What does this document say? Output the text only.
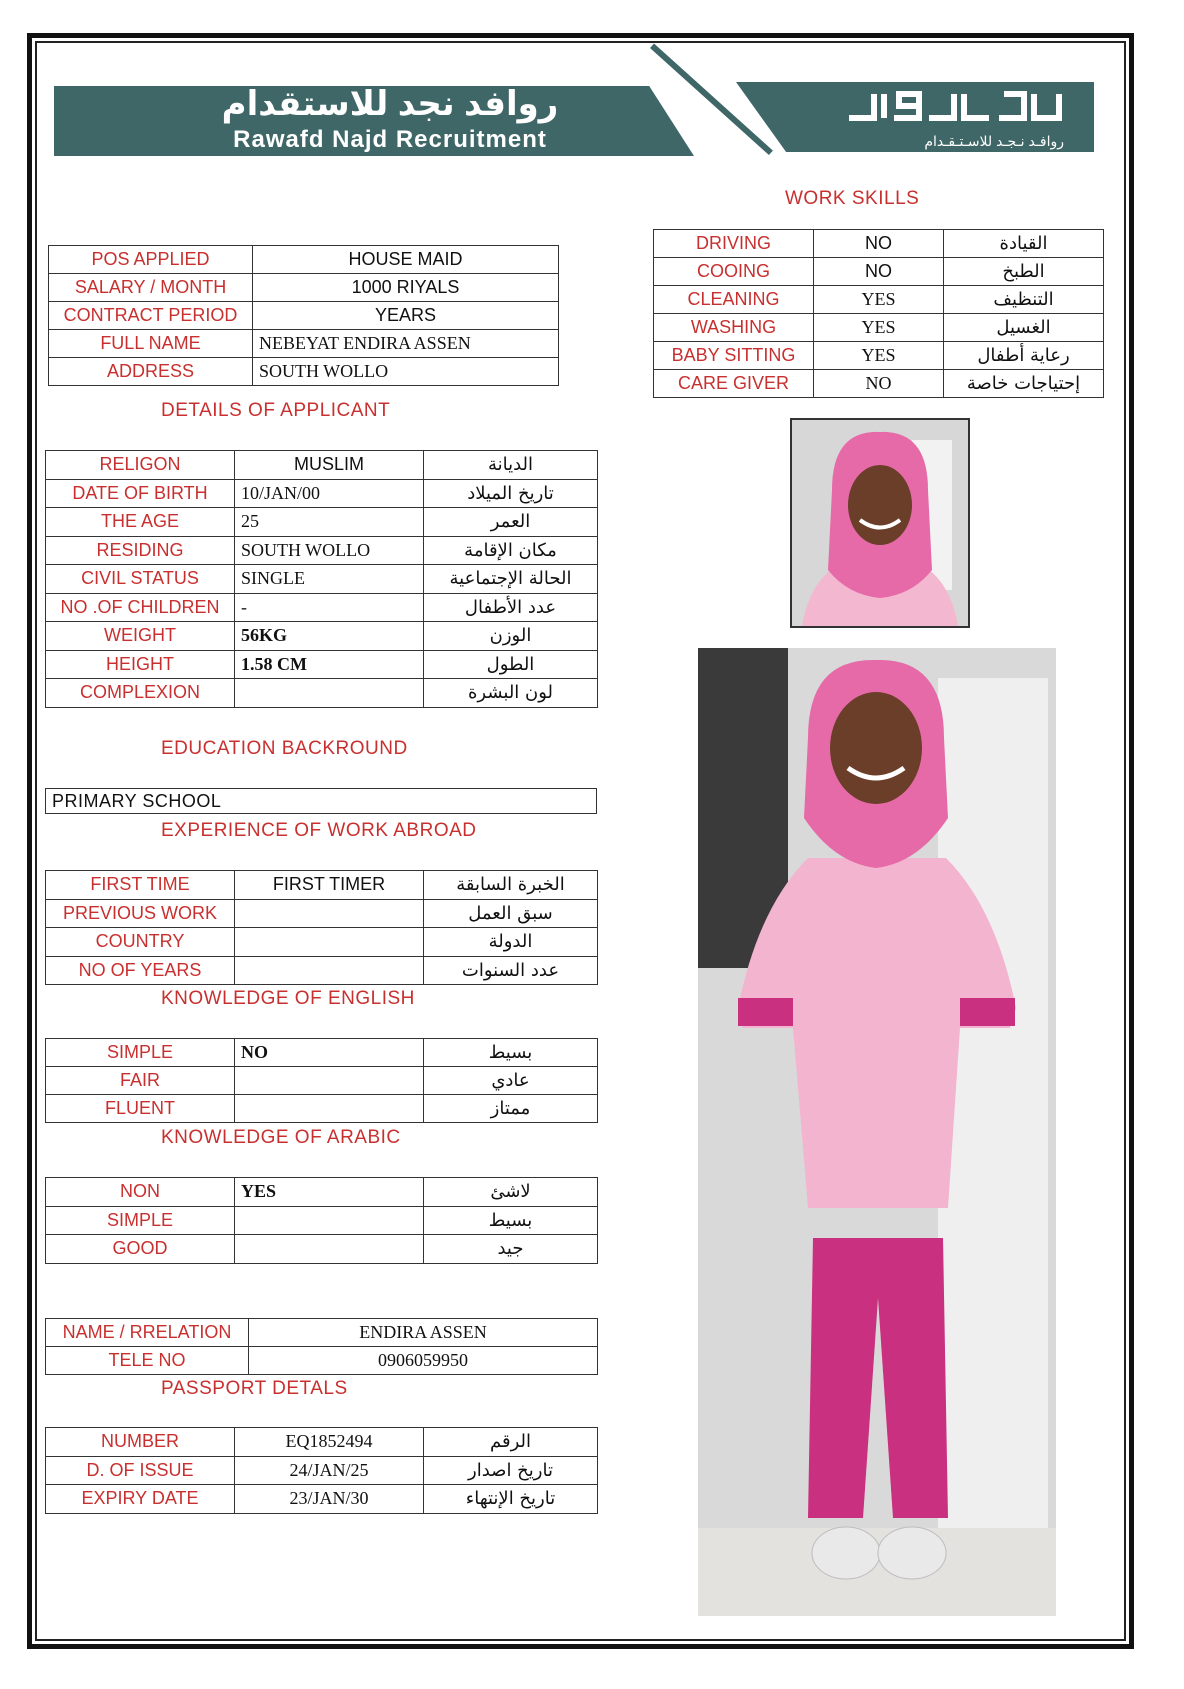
روافد نجد للاستقدام
Rawafd Najd Recruitment	روافـد نـجـد للاسـتـقـدام
WORK SKILLS
DRIVING	NO	القيادة
COOING	NO	الطبخ
CLEANING	YES	التنظيف
WASHING	YES	الغسيل
BABY SITTING	YES	رعاية أطفال
CARE GIVER	NO	إحتياجات خاصة
POS APPLIED	HOUSE MAID
SALARY / MONTH	1000 RIYALS
CONTRACT PERIOD	YEARS
FULL NAME	NEBEYAT ENDIRA ASSEN
ADDRESS	SOUTH WOLLO
DETAILS OF APPLICANT
RELIGON	MUSLIM	الديانة
DATE OF BIRTH	10/JAN/00	تاريخ الميلاد
THE AGE	25	العمر
RESIDING	SOUTH WOLLO	مكان الإقامة
CIVIL STATUS	SINGLE	الحالة الإجتماعية
NO .OF CHILDREN	-	عدد الأطفال
WEIGHT	56KG	الوزن
HEIGHT	1.58 CM	الطول
COMPLEXION		لون البشرة
EDUCATION BACKROUND
PRIMARY SCHOOL
EXPERIENCE OF WORK ABROAD
FIRST TIME	FIRST TIMER	الخبرة السابقة
PREVIOUS WORK		سبق العمل
COUNTRY		الدولة
NO OF YEARS		عدد السنوات
KNOWLEDGE OF ENGLISH
SIMPLE	NO	بسيط
FAIR		عادي
FLUENT		ممتاز
KNOWLEDGE OF ARABIC
NON	YES	لاشئ
SIMPLE		بسيط
GOOD		جيد
NAME / RRELATION	ENDIRA ASSEN
TELE NO	0906059950
PASSPORT DETALS
NUMBER	EQ1852494	الرقم
D. OF ISSUE	24/JAN/25	تاريخ اصدار
EXPIRY DATE	23/JAN/30	تاريخ الإنتهاء
